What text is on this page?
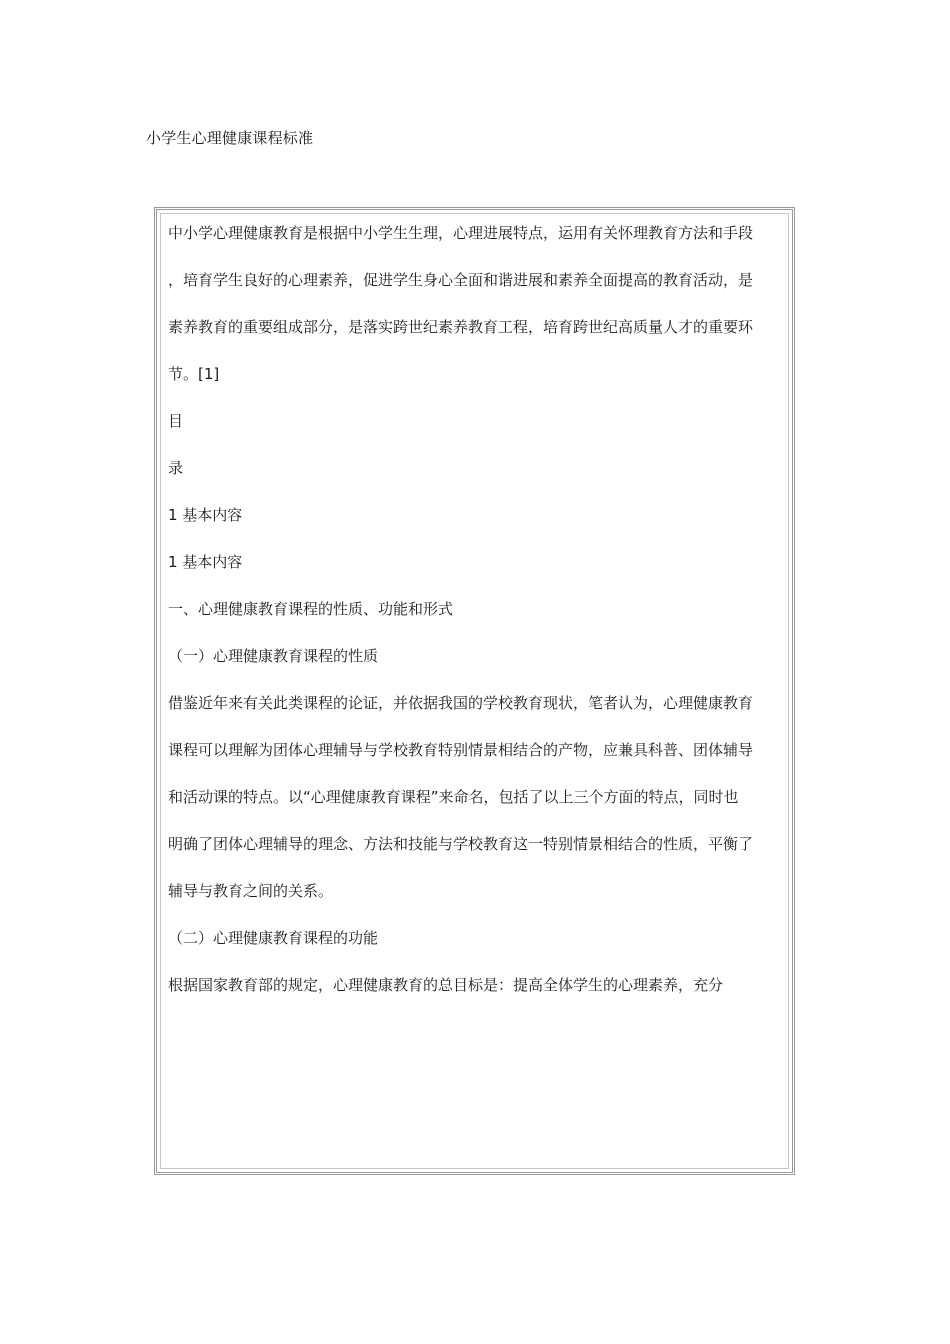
小学生心理健康课程标准

中小学心理健康教育是根据中小学生生理，心理进展特点，运用有关怀理教育方法和手段

，培育学生良好的心理素养，促进学生身心全面和谐进展和素养全面提高的教育活动，是

素养教育的重要组成部分，是落实跨世纪素养教育工程，培育跨世纪高质量人才的重要环

节。[1]

目

录

1 基本内容

1 基本内容

一、心理健康教育课程的性质、功能和形式

（一）心理健康教育课程的性质

借鉴近年来有关此类课程的论证，并依据我国的学校教育现状，笔者认为，心理健康教育

课程可以理解为团体心理辅导与学校教育特别情景相结合的产物，应兼具科普、团体辅导

和活动课的特点。以“心理健康教育课程”来命名，包括了以上三个方面的特点，同时也

明确了团体心理辅导的理念、方法和技能与学校教育这一特别情景相结合的性质，平衡了

辅导与教育之间的关系。

（二）心理健康教育课程的功能

根据国家教育部的规定，心理健康教育的总目标是：提高全体学生的心理素养，充分
